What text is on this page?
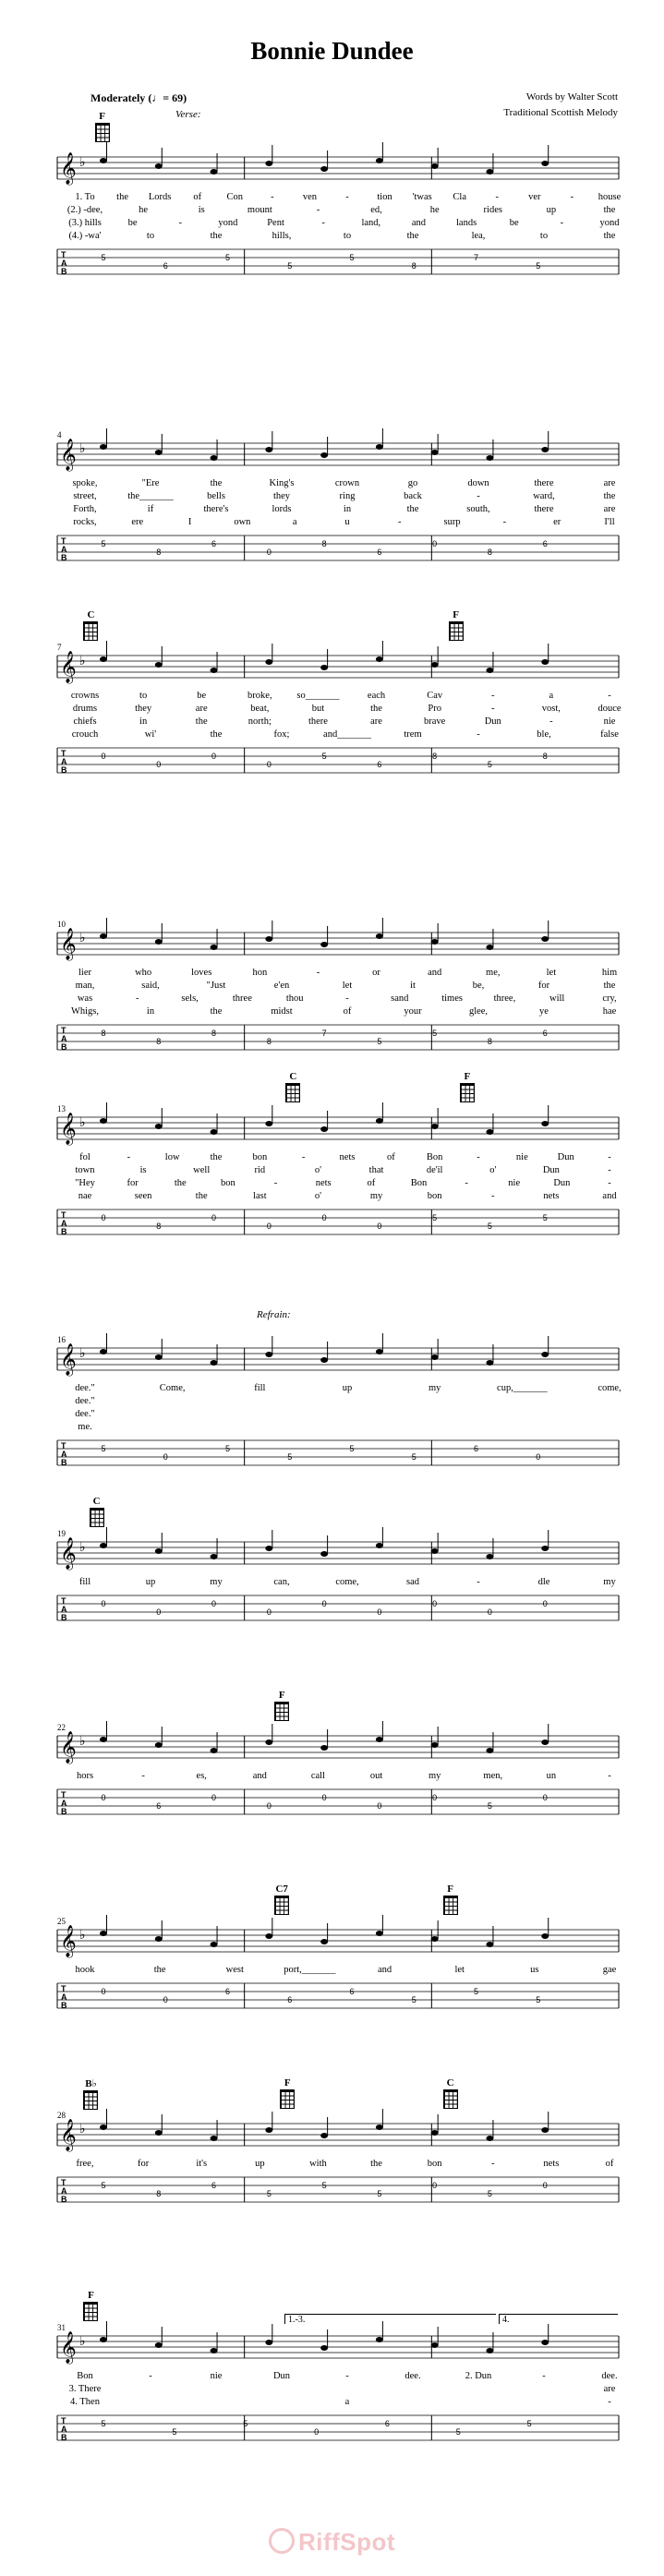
Bonnie Dundee
Moderately (♩= 69)	Words by Walter Scott
Traditional Scottish Melody
Verse:
Refrain:
F
𝄞 ♭
T
A
B
5
6
5
5
5
8
7
5
1. To the Lords of	Con	-	ven	-	tion 'twas Cla	-	ver	-	house
(2.) -dee,	he	is	mount	-	ed,	he	rides	up	the
(3.) hills	be	-	yond	Pent	-	land,	and	lands	be	-	yond
(4.) -wa'	to	the	hills,	to	the	lea,	to	the
4
𝄞 ♭
T
A
B
5
8
6
0
8
6
0
8
6
spoke,	"Ere	the	King's	crown	go	down	there	are
street,	the_______	bells	they	ring	back	-	ward,	the
Forth,	if	there's	lords	in	the	south,	there	are
rocks,	ere	I	own	a	u	-	surp	-	er	I'll
C	F
7
𝄞 ♭
T
A
B
0
0
0
0
5
6
8
5
8
crowns	to	be	broke,	so_______	each	Cav	-	a	-
drums	they	are	beat,	but	the	Pro	-	vost,	douce
chiefs	in	the	north;	there	are	brave	Dun	-	nie
crouch	wi'	the	fox;	and_______	trem	-	ble,	false
10
𝄞 ♭
T
A
B
8
8
8
8
7
5
5
8
6
lier	who	loves	hon	-	or	and	me,	let	him
man,	said,	"Just	e'en	let	it	be,	for	the
was	-	sels,	three	thou	-	sand	times	three,	will	cry,
Whigs,	in	the	midst	of	your	glee,	ye	hae
C	F
13
𝄞 ♭
T
A
B
0
8
0
0
0
0
5
5
5
fol	-	low	the	bon	-	nets	of	Bon	-	nie	Dun	-
town	is	well	rid	o'	that	de'il	o'	Dun	-
"Hey	for	the	bon	-	nets	of	Bon	-	nie	Dun	-
nae	seen	the	last	o'	my	bon	-	nets	and
16
𝄞 ♭
T
A
B
5
0
5
5
5
5
6
0
dee."	Come,	fill	up	my	cup,_______	come,
dee."
dee."
me.
C
19
𝄞 ♭
T
A
B
0
0
0
0
0
0
0
0
0
fill	up	my	can,	come,	sad	-	dle	my
F
22
𝄞 ♭
T
A
B
0
6
0
0
0
0
0
5
0
hors	-	es,	and	call	out	my	men,	un	-
C7	F
25
𝄞 ♭
T
A
B
0
0
6
6
6
5
5
5
hook	the	west	port,_______	and	let	us	gae
B♭	F	C
28
𝄞 ♭
T
A
B
5
8
6
5
5
5
0
5
0
free,	for	it's	up	with	the	bon	-	nets	of
F
1.-3.	4.
31
𝄞 ♭
T
A
B
5
5
5
0
6
5
5
Bon	-	nie	Dun	-	dee.	2. Dun	-	dee.
3. There	are
4. Then	a	-
RiffSpot
